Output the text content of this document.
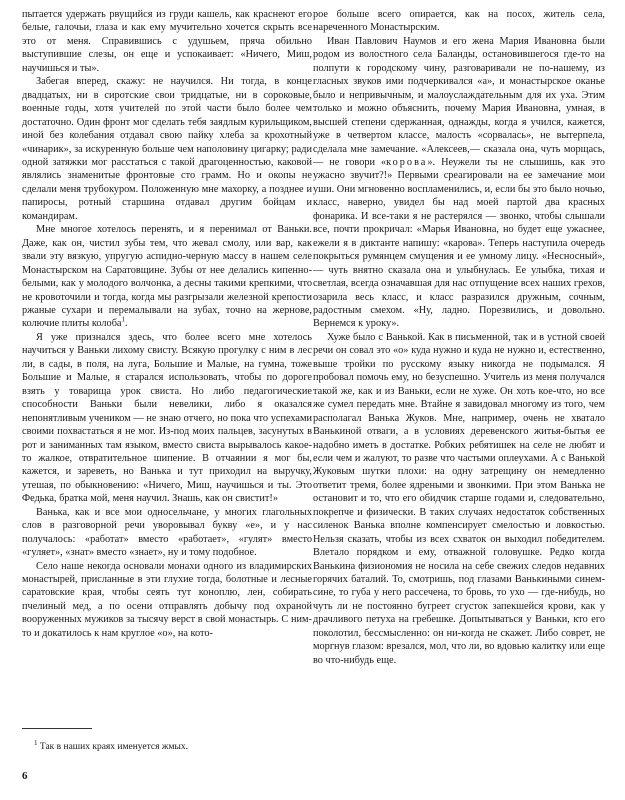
пытается удержать рвущийся из груди кашель, как краснеют его белые, галочьи, глаза и как ему мучительно хочется скрыть все это от меня. Справившись с удушьем, пряча обильно выступившие слезы, он еще и успокаивает: «Ничего, Миш, научишься и ты».

Забегая вперед, скажу: не научился. Ни тогда, в конце двадцатых, ни в сиротские свои тридцатые, ни в сороковые, военные годы, хотя учителей по этой части было более чем достаточно. Один фронт мог сделать тебя заядлым курильщиком, иной без колебания отдавал свою пайку хлеба за крохотный «чинарик», за искуренную больше чем наполовину цигарку; ради одной затяжки мог расстаться с такой драгоценностью, каковой являлись знаменитые фронтовые сто грамм. Но и окопы не сделали меня трубокуром. Положенную мне махорку, а позднее и папиросы, ротный старшина отдавал другим бойцам и командирам.

Мне многое хотелось перенять, и я перенимал от Ваньки. Даже, как он, чистил зубы тем, что жевал смолу, или вар, как звали эту вязкую, упругую аспидно-черную массу в нашем селе Монастырском на Саратовщине. Зубы от нее делались кипенно-белыми, как у молодого волчонка, а десны такими крепкими, что не кровоточили и тогда, когда мы разгрызали железной крепости ржаные сухари и перемалывали на зубах, точно на жерновe, колючие плиты колоба$^1$.

Я уже признался здесь, что более всего мне хотелось научиться у Ваньки лихому свисту. Всякую прогулку с ним в лес ли, в сады, в поля, на луга, Большие и Малые, на гумна, тоже Большие и Малые, я старался использовать, чтобы по дороге взять у товарища урок свиста. Но либо педагогические способности Ваньки были невелики, либо я оказался непонятливым учеником — не знаю отчего, но пока что успехами своими похвастаться я не мог. Из-под моих пальцев, засунутых в рот и заниманных там языком, вместо свиста вырывалось какое-то жалкое, отвратительное шипение. В отчаянии я мог бы, кажется, и зареветь, но Ванька и тут приходил на выручку, утешая, по обыкновению: «Ничего, Миш, научишься и ты. Это Федька, братка мой, меня научил. Знашь, как он свистит!»

Ванька, как и все мои односельчане, у многих глагольных слов в разговорной речи уворовывал букву «е», и у нас получалось: «работат» вместо «работает», «гулят» вместо «гуляет», «знат» вместо «знает», ну и тому подобное.

Село наше некогда основали монахи одного из владимирских монастырей, присланные в эти глухие тогда, болотные и лесные саратовские края, чтобы сеять тут коноплю, лен, собирать пчелиный мед, а по осени отправлять добычу под охраной вооруженных мужиков за тысячу верст в свой монастырь. С ним-то и докатилось к нам круглое «о», на кото-

рое больше всего опирается, как на посох, житель села, нареченного Монастырским.

Иван Павлович Наумов и его жена Мария Ивановна были родом из волостного села Баланды, остановившегося где-то на полпути к городскому чину, разговаривали не по-нашему, из гласных звуков ими подчеркивался «а», и монастырское оканье было и непривычным, и малоуслаждательным для их уха. Этим только и можно объяснить, почему Мария Ивановна, умная, в высшей степени сдержанная, однажды, когда я учился, кажется, уже в четвертом классе, малость «сорвалась», не вытерпела, сделала мне замечание. «Алексеев,— сказала она, чуть морщась,— не говори «корова». Неужели ты не слышишь, как это ужасно звучит?!» Первыми среагировали на ее замечание мои уши. Они мгновенно воспламенились, и, если бы это было ночью, класс, наверно, увидел бы над моей партой два красных фонарика. И все-таки я не растерялся — звонко, чтобы слышали все, почти прокричал: «Марья Ивановна, но будет еще ужаснее, ежели я в диктанте напишу: «карова». Теперь наступила очередь покрыться румянцем смущения и ее умному лицу. «Несносный»,— чуть внятно сказала она и улыбнулась. Ее улыбка, тихая и светлая, всегда означавшая для нас отпущение всех наших грехов, озарила весь класс, и класс разразился дружным, сочным, радостным смехом. «Ну, ладно. Порезвились, и довольно. Вернемся к уроку».

Хуже было с Ванькой. Как в письменной, так и в устной своей речи он совал это «о» куда нужно и куда не нужно и, естественно, выше тройки по русскому языку никогда не подымался. Я пробовал помочь ему, но безуспешно. Учитель из меня получался такой же, как и из Ваньки, если не хуже. Он хоть кое-что, но все же сумел передать мне. Втайне я завидовал многому из того, чем располагал Ванька Жуков. Мне, например, очень не хватало Ванькиной отваги, а в условиях деревенского житья-бытья ее надобно иметь в достатке. Робких ребятишек на селе не любят и если чем и жалуют, то разве что частыми оплеухами. А с Ванькой Жуковым шутки плохи: на одну затрещину он немедленно ответит тремя, более ядреными и звонкими. При этом Ванька не остановит и то, что его обидчик старше годами и, следовательно, покрепче и физически. В таких случаях недостаток собственных силенок Ванька вполне компенсирует смелостью и ловкостью. Нельзя сказать, чтобы из всех схваток он выходил победителем. Влетало порядком и ему, отважной головушке. Редко когда Ванькина физиономия не носила на себе свежих следов недавних горячих баталий. То, смотришь, под глазами Ванькиными синем-сине, то губа у него рассечена, то бровь, то ухо — где-нибудь, но чуть ли не постоянно бугреет сгусток запекшейся крови, как у драчливого петуха на гребешке. Допытываться у Ваньки, кто его поколотил, бессмысленно: он ни-когда не скажет. Либо соврет, не моргнув глазом: врезался, мол, что ли, во вдовью калитку или еще во что-нибудь еще.

$^1$ Так в наших краях именуется жмых.
6
